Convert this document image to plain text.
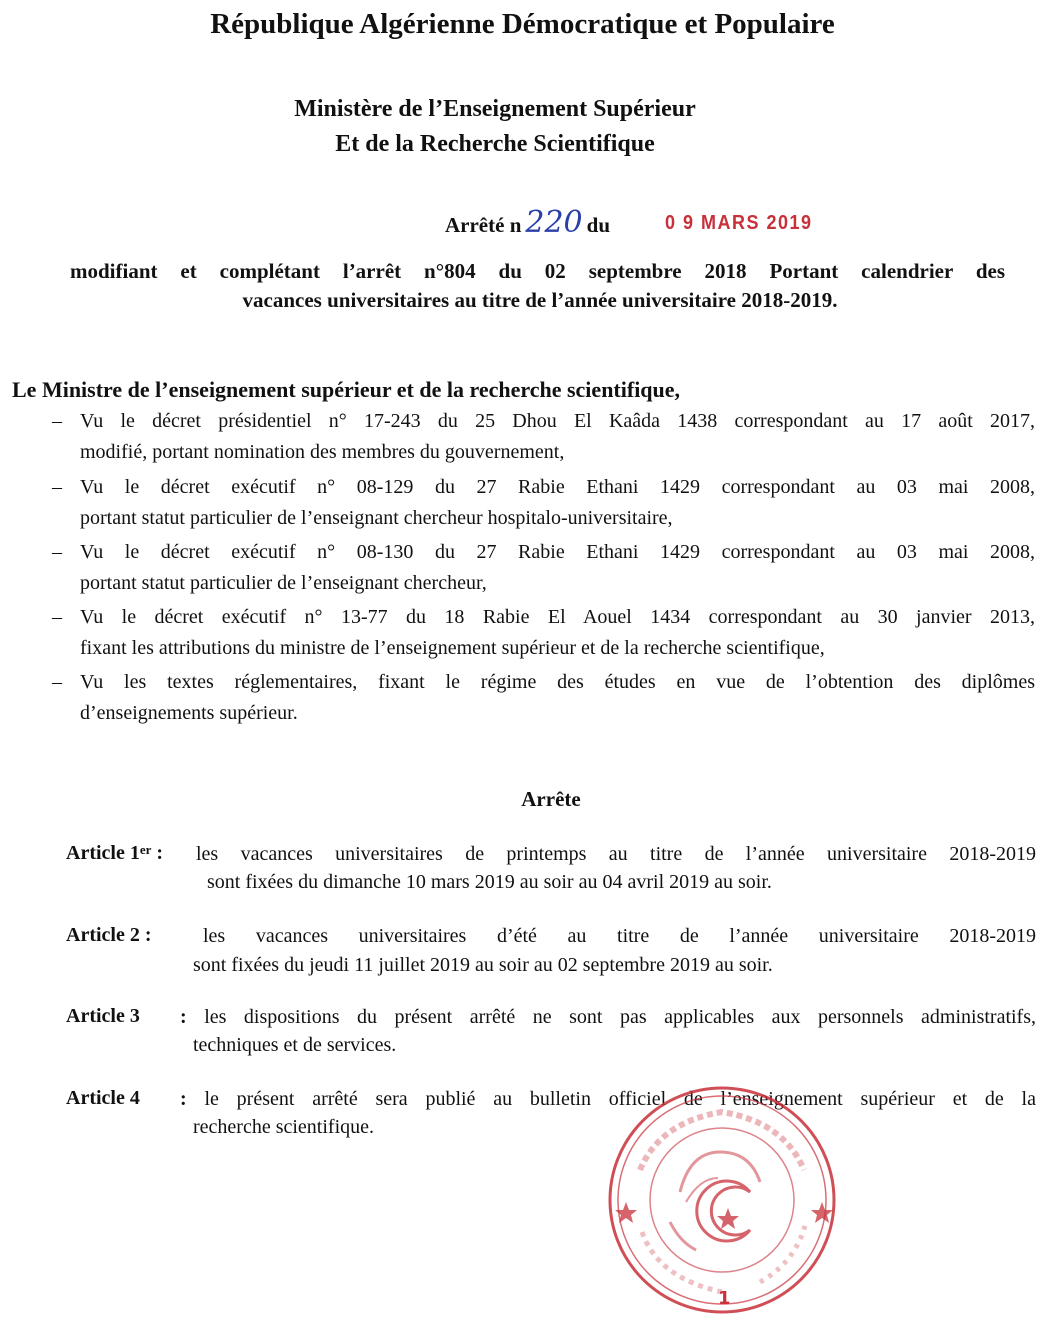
République Algérienne Démocratique et Populaire
Ministère de l’Enseignement Supérieur
Et de la Recherche Scientifique
Arrêté n 220 du	0 9 MARS 2019
modifiant et complétant l’arrêt n°804 du 02 septembre 2018 Portant calendrier des
vacances universitaires au titre de l’année universitaire 2018-2019.
Le Ministre de l’enseignement supérieur et de la recherche scientifique,
– Vu le décret présidentiel n° 17-243 du 25 Dhou El Kaâda 1438 correspondant au 17 août 2017,
modifié, portant nomination des membres du gouvernement,
– Vu le décret exécutif n° 08-129 du 27 Rabie Ethani 1429 correspondant au 03 mai 2008,
portant statut particulier de l’enseignant chercheur hospitalo-universitaire,
– Vu le décret exécutif n° 08-130 du 27 Rabie Ethani 1429 correspondant au 03 mai 2008,
portant statut particulier de l’enseignant chercheur,
– Vu le décret exécutif n° 13-77 du 18 Rabie El Aouel 1434 correspondant au 30 janvier 2013,
fixant les attributions du ministre de l’enseignement supérieur et de la recherche scientifique,
– Vu les textes réglementaires, fixant le régime des études en vue de l’obtention des diplômes
d’enseignements supérieur.
Arrête
Article 1er : les vacances universitaires de printemps au titre de l’année universitaire 2018-2019
sont fixées du dimanche 10 mars 2019 au soir au 04 avril 2019 au soir.
Article 2 :	les vacances universitaires d’été au titre de l’année universitaire 2018-2019
sont fixées du jeudi 11 juillet 2019 au soir au 02 septembre 2019 au soir.
Article 3 : les dispositions du présent arrêté ne sont pas applicables aux personnels administratifs,
techniques et de services.
Article 4 : le présent arrêté sera publié au bulletin officiel de l’enseignement supérieur et de la
recherche scientifique.
1
